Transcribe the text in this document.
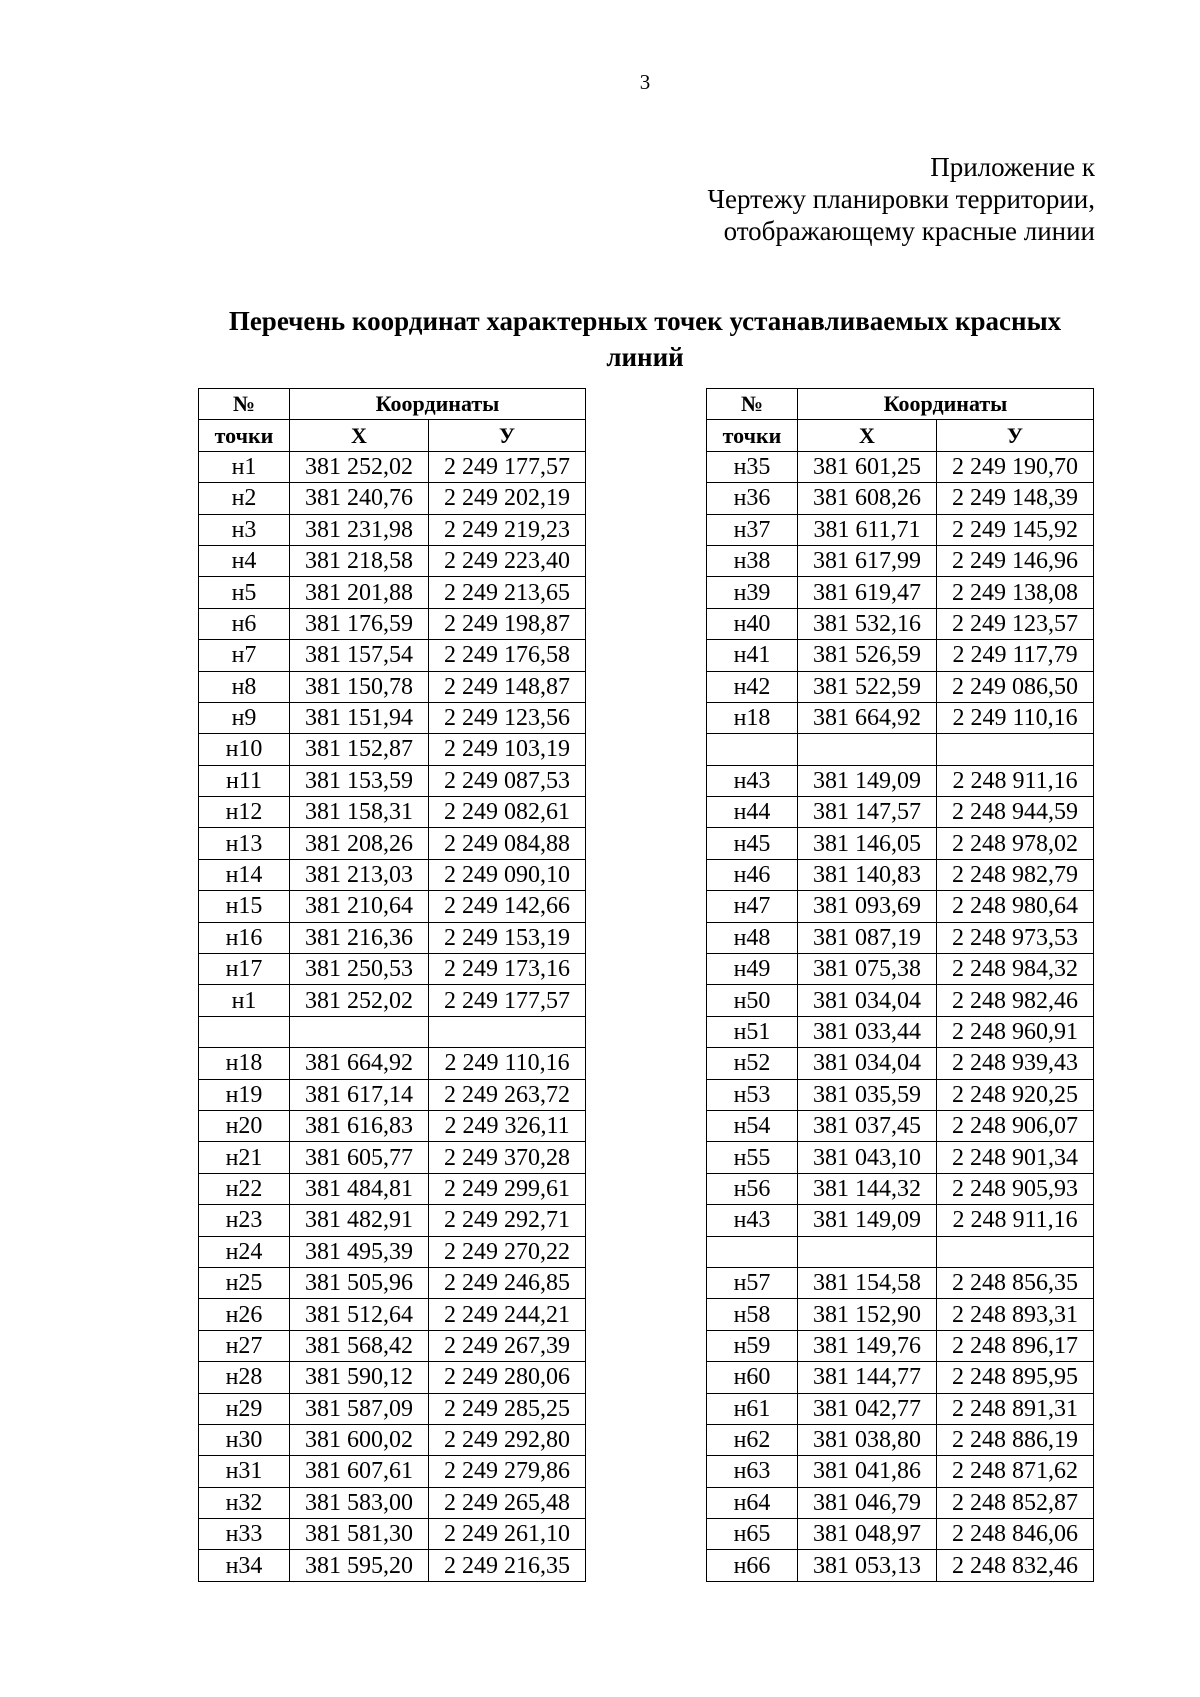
3
Приложение к
Чертежу планировки территории,
отображающему красные линии
Перечень координат характерных точек устанавливаемых красных
линий
№	Координаты	
точки	Х	У
н1	381 252,02	2 249 177,57
н2	381 240,76	2 249 202,19
н3	381 231,98	2 249 219,23
н4	381 218,58	2 249 223,40
н5	381 201,88	2 249 213,65
н6	381 176,59	2 249 198,87
н7	381 157,54	2 249 176,58
н8	381 150,78	2 249 148,87
н9	381 151,94	2 249 123,56
н10	381 152,87	2 249 103,19
н11	381 153,59	2 249 087,53
н12	381 158,31	2 249 082,61
н13	381 208,26	2 249 084,88
н14	381 213,03	2 249 090,10
н15	381 210,64	2 249 142,66
н16	381 216,36	2 249 153,19
н17	381 250,53	2 249 173,16
н1	381 252,02	2 249 177,57

н18	381 664,92	2 249 110,16
н19	381 617,14	2 249 263,72
н20	381 616,83	2 249 326,11
н21	381 605,77	2 249 370,28
н22	381 484,81	2 249 299,61
н23	381 482,91	2 249 292,71
н24	381 495,39	2 249 270,22
н25	381 505,96	2 249 246,85
н26	381 512,64	2 249 244,21
н27	381 568,42	2 249 267,39
н28	381 590,12	2 249 280,06
н29	381 587,09	2 249 285,25
н30	381 600,02	2 249 292,80
н31	381 607,61	2 249 279,86
н32	381 583,00	2 249 265,48
н33	381 581,30	2 249 261,10
н34	381 595,20	2 249 216,35
№	Координаты	
точки	Х	У
н35	381 601,25	2 249 190,70
н36	381 608,26	2 249 148,39
н37	381 611,71	2 249 145,92
н38	381 617,99	2 249 146,96
н39	381 619,47	2 249 138,08
н40	381 532,16	2 249 123,57
н41	381 526,59	2 249 117,79
н42	381 522,59	2 249 086,50
н18	381 664,92	2 249 110,16

н43	381 149,09	2 248 911,16
н44	381 147,57	2 248 944,59
н45	381 146,05	2 248 978,02
н46	381 140,83	2 248 982,79
н47	381 093,69	2 248 980,64
н48	381 087,19	2 248 973,53
н49	381 075,38	2 248 984,32
н50	381 034,04	2 248 982,46
н51	381 033,44	2 248 960,91
н52	381 034,04	2 248 939,43
н53	381 035,59	2 248 920,25
н54	381 037,45	2 248 906,07
н55	381 043,10	2 248 901,34
н56	381 144,32	2 248 905,93
н43	381 149,09	2 248 911,16

н57	381 154,58	2 248 856,35
н58	381 152,90	2 248 893,31
н59	381 149,76	2 248 896,17
н60	381 144,77	2 248 895,95
н61	381 042,77	2 248 891,31
н62	381 038,80	2 248 886,19
н63	381 041,86	2 248 871,62
н64	381 046,79	2 248 852,87
н65	381 048,97	2 248 846,06
н66	381 053,13	2 248 832,46
